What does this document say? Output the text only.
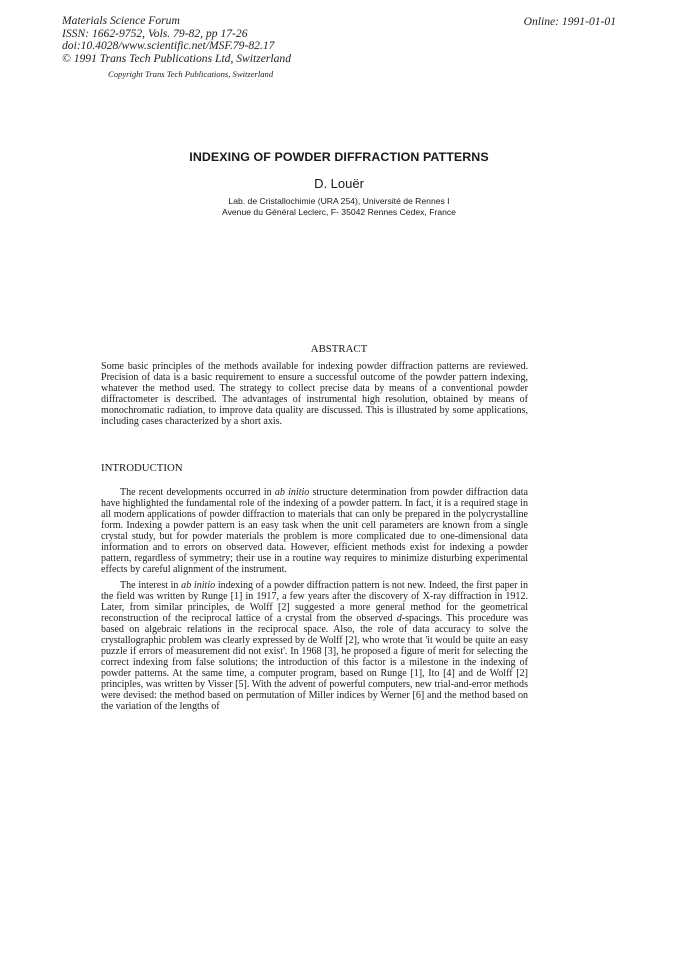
Materials Science Forum
ISSN: 1662-9752, Vols. 79-82, pp 17-26
doi:10.4028/www.scientific.net/MSF.79-82.17
© 1991 Trans Tech Publications Ltd, Switzerland
Online: 1991-01-01
Copyright Trans Tech Publications, Switzerland
INDEXING OF POWDER DIFFRACTION PATTERNS
D. Louër
Lab. de Cristallochimie (URA 254), Université de Rennes I
Avenue du Général Leclerc, F- 35042 Rennes Cedex, France
ABSTRACT

Some basic principles of the methods available for indexing powder diffraction patterns are reviewed. Precision of data is a basic requirement to ensure a successful outcome of the powder pattern indexing, whatever the method used. The strategy to collect precise data by means of a conventional powder diffractometer is described. The advantages of instrumental high resolution, obtained by means of monochromatic radiation, to improve data quality are discussed. This is illustrated by some applications, including cases characterized by a short axis.

INTRODUCTION

The recent developments occurred in ab initio structure determination from powder diffraction data have highlighted the fundamental role of the indexing of a powder pattern. In fact, it is a required stage in all modern applications of powder diffraction to materials that can only be prepared in the polycrystalline form. Indexing a powder pattern is an easy task when the unit cell parameters are known from a single crystal study, but for powder materials the problem is more complicated due to one-dimensional data information and to errors on observed data. However, efficient methods exist for indexing a powder pattern, regardless of symmetry; their use in a routine way requires to minimize disturbing experimental effects by careful alignment of the instrument.

The interest in ab initio indexing of a powder diffraction pattern is not new. Indeed, the first paper in the field was written by Runge [1] in 1917, a few years after the discovery of X-ray diffraction in 1912. Later, from similar principles, de Wolff [2] suggested a more general method for the geometrical reconstruction of the reciprocal lattice of a crystal from the observed d-spacings. This procedure was based on algebraic relations in the reciprocal space. Also, the role of data accuracy to solve the crystallographic problem was clearly expressed by de Wolff [2], who wrote that 'it would be quite an easy puzzle if errors of measurement did not exist'. In 1968 [3], he proposed a figure of merit for selecting the correct indexing from false solutions; the introduction of this factor is a milestone in the indexing of powder patterns. At the same time, a computer program, based on Runge [1], Ito [4] and de Wolff [2] principles, was written by Visser [5]. With the advent of powerful computers, new trial-and-error methods were devised: the method based on permutation of Miller indices by Werner [6] and the method based on the variation of the lengths of
